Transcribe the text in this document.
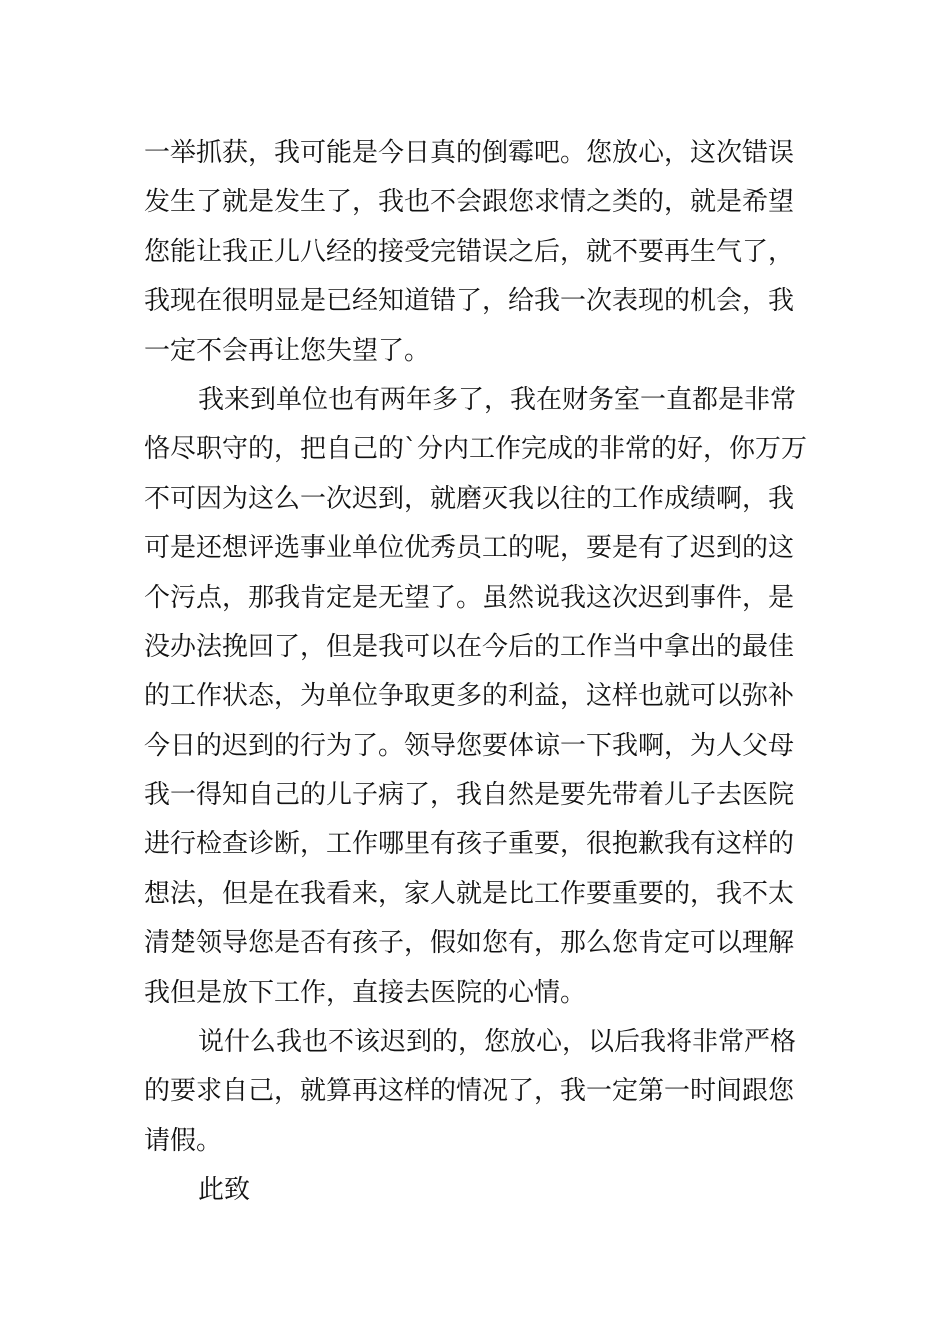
一举抓获，我可能是今日真的倒霉吧。您放心，这次错误
发生了就是发生了，我也不会跟您求情之类的，就是希望
您能让我正儿八经的接受完错误之后，就不要再生气了，
我现在很明显是已经知道错了，给我一次表现的机会，我
一定不会再让您失望了。
我来到单位也有两年多了，我在财务室一直都是非常
恪尽职守的，把自己的`分内工作完成的非常的好，你万万
不可因为这么一次迟到，就磨灭我以往的工作成绩啊，我
可是还想评选事业单位优秀员工的呢，要是有了迟到的这
个污点，那我肯定是无望了。虽然说我这次迟到事件，是
没办法挽回了，但是我可以在今后的工作当中拿出的最佳
的工作状态，为单位争取更多的利益，这样也就可以弥补
今日的迟到的行为了。领导您要体谅一下我啊，为人父母
我一得知自己的儿子病了，我自然是要先带着儿子去医院
进行检查诊断，工作哪里有孩子重要，很抱歉我有这样的
想法，但是在我看来，家人就是比工作要重要的，我不太
清楚领导您是否有孩子，假如您有，那么您肯定可以理解
我但是放下工作，直接去医院的心情。
说什么我也不该迟到的，您放心，以后我将非常严格
的要求自己，就算再这样的情况了，我一定第一时间跟您
请假。
此致
